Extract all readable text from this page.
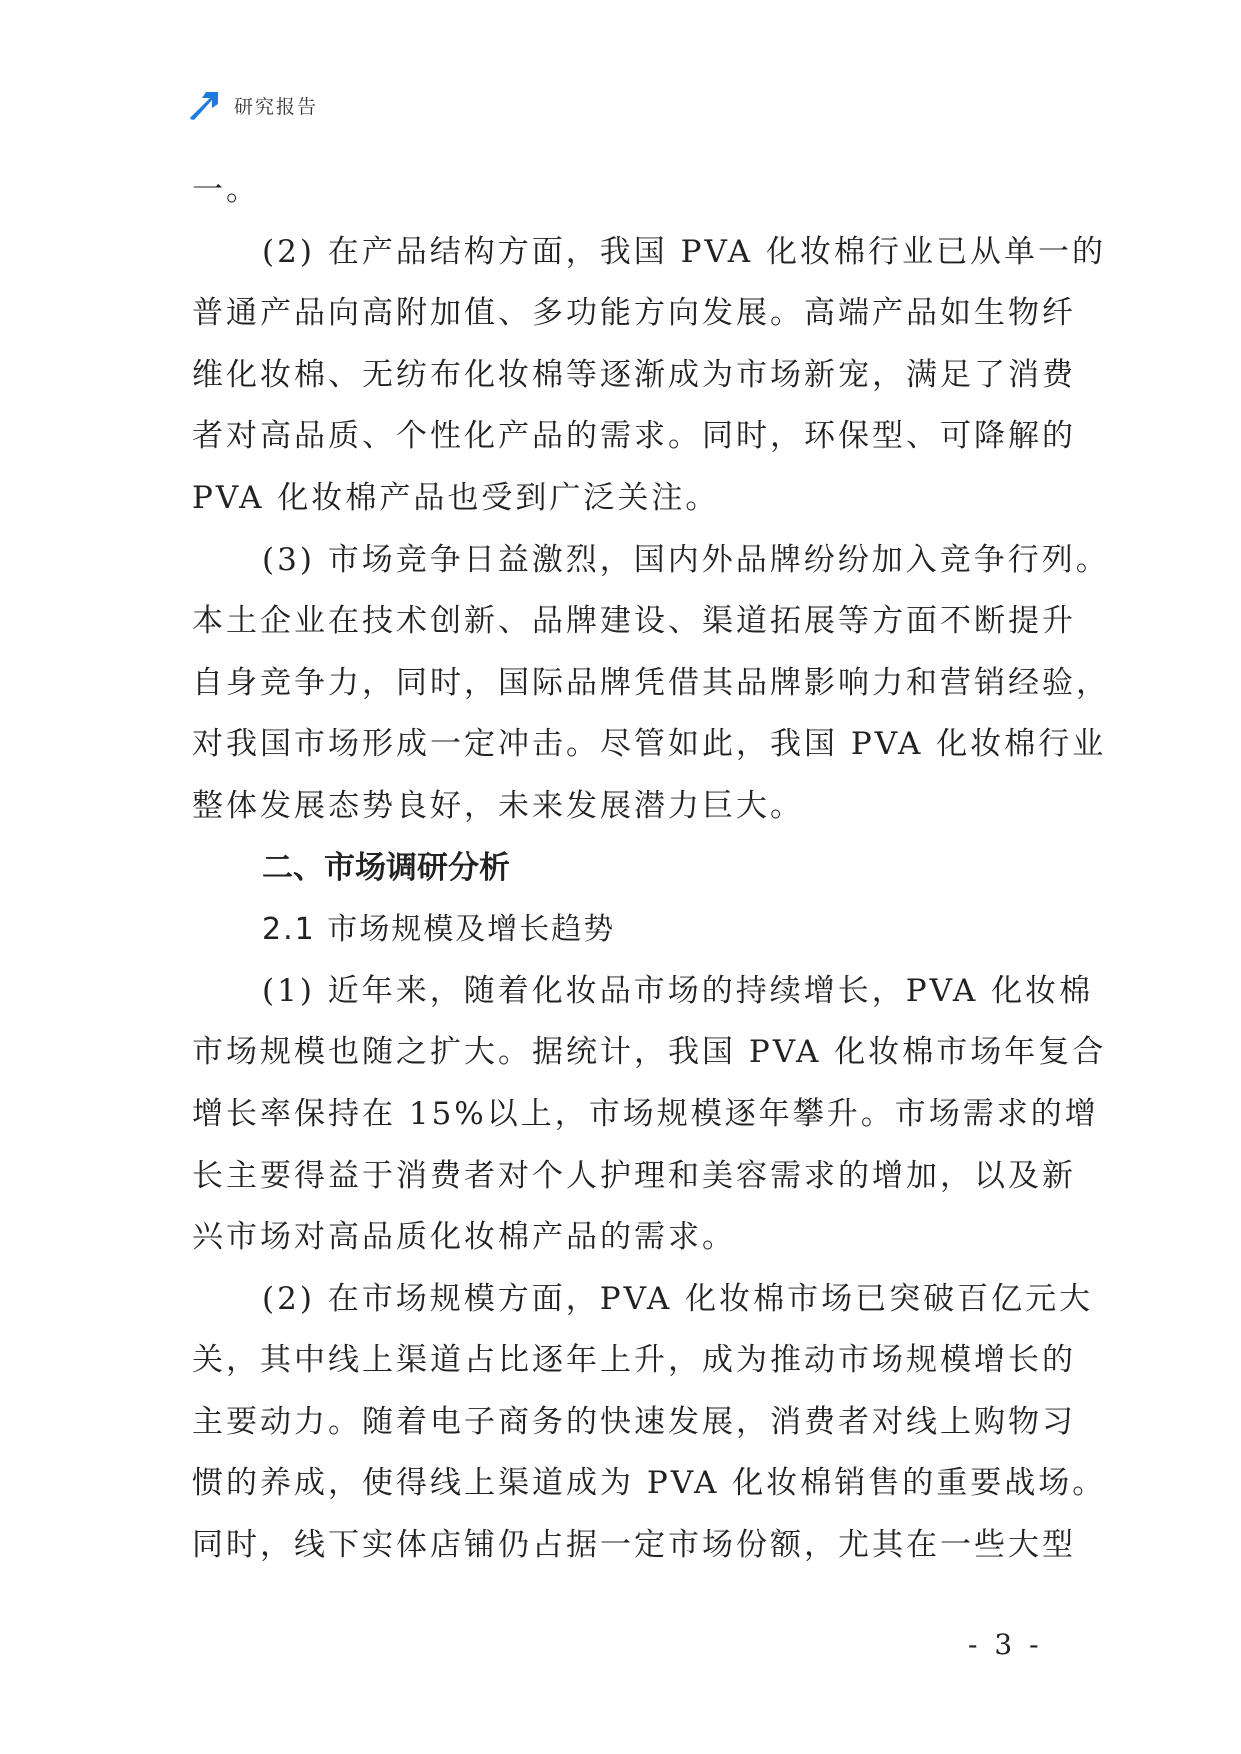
研究报告
一。
(2) 在产品结构方面，我国 PVA 化妆棉行业已从单一的
普通产品向高附加值、多功能方向发展。高端产品如生物纤
维化妆棉、无纺布化妆棉等逐渐成为市场新宠，满足了消费
者对高品质、个性化产品的需求。同时，环保型、可降解的
PVA 化妆棉产品也受到广泛关注。
(3) 市场竞争日益激烈，国内外品牌纷纷加入竞争行列。
本土企业在技术创新、品牌建设、渠道拓展等方面不断提升
自身竞争力，同时，国际品牌凭借其品牌影响力和营销经验，
对我国市场形成一定冲击。尽管如此，我国 PVA 化妆棉行业
整体发展态势良好，未来发展潜力巨大。
二、市场调研分析
2.1 市场规模及增长趋势
(1) 近年来，随着化妆品市场的持续增长，PVA 化妆棉
市场规模也随之扩大。据统计，我国 PVA 化妆棉市场年复合
增长率保持在 15%以上，市场规模逐年攀升。市场需求的增
长主要得益于消费者对个人护理和美容需求的增加，以及新
兴市场对高品质化妆棉产品的需求。
(2) 在市场规模方面，PVA 化妆棉市场已突破百亿元大
关，其中线上渠道占比逐年上升，成为推动市场规模增长的
主要动力。随着电子商务的快速发展，消费者对线上购物习
惯的养成，使得线上渠道成为 PVA 化妆棉销售的重要战场。
同时，线下实体店铺仍占据一定市场份额，尤其在一些大型
- 3 -
